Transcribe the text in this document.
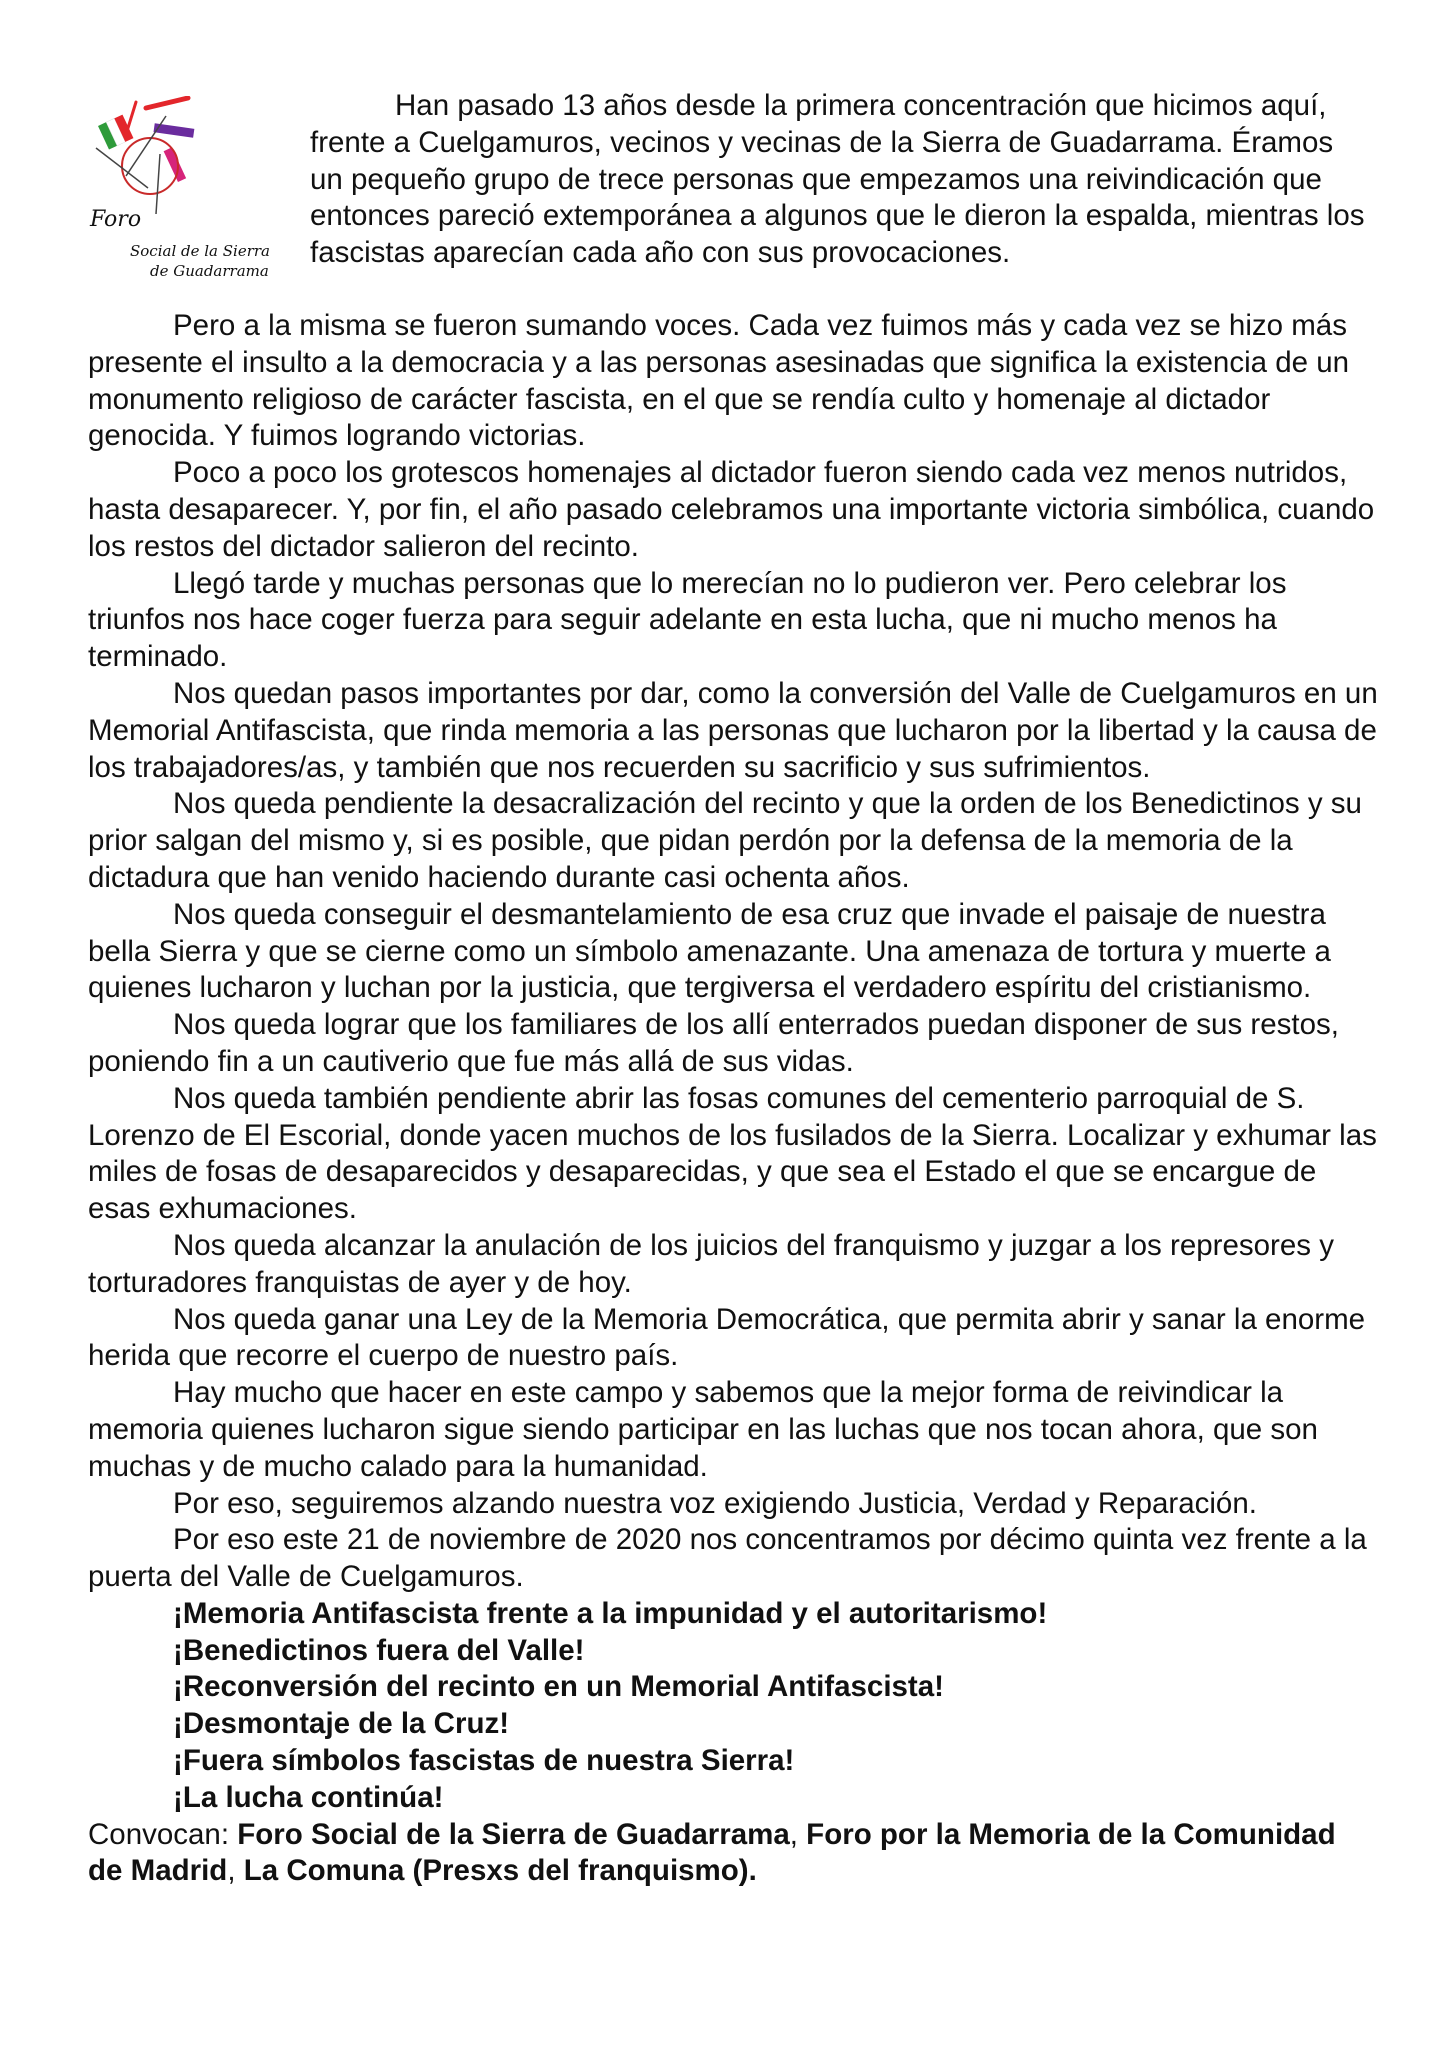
Foro
Social de la Sierra
de Guadarrama

Han pasado 13 años desde la primera concentración que hicimos aquí, frente a Cuelgamuros, vecinos y vecinas de la Sierra de Guadarrama. Éramos un pequeño grupo de trece personas que empezamos una reivindicación que entonces pareció extemporánea a algunos que le dieron la espalda, mientras los fascistas aparecían cada año con sus provocaciones.

Pero a la misma se fueron sumando voces. Cada vez fuimos más y cada vez se hizo más presente el insulto a la democracia y a las personas asesinadas que significa la existencia de un monumento religioso de carácter fascista, en el que se rendía culto y homenaje al dictador genocida. Y fuimos logrando victorias.

Poco a poco los grotescos homenajes al dictador fueron siendo cada vez menos nutridos, hasta desaparecer. Y, por fin, el año pasado celebramos una importante victoria simbólica, cuando los restos del dictador salieron del recinto.

Llegó tarde y muchas personas que lo merecían no lo pudieron ver. Pero celebrar los triunfos nos hace coger fuerza para seguir adelante en esta lucha, que ni mucho menos ha terminado.

Nos quedan pasos importantes por dar, como la conversión del Valle de Cuelgamuros en un Memorial Antifascista, que rinda memoria a las personas que lucharon por la libertad y la causa de los trabajadores/as, y también que nos recuerden su sacrificio y sus sufrimientos.

Nos queda pendiente la desacralización del recinto y que la orden de los Benedictinos y su prior salgan del mismo y, si es posible, que pidan perdón por la defensa de la memoria de la dictadura que han venido haciendo durante casi ochenta años.

Nos queda conseguir el desmantelamiento de esa cruz que invade el paisaje de nuestra bella Sierra y que se cierne como un símbolo amenazante. Una amenaza de tortura y muerte a quienes lucharon y luchan por la justicia, que tergiversa el verdadero espíritu del cristianismo.

Nos queda lograr que los familiares de los allí enterrados puedan disponer de sus restos, poniendo fin a un cautiverio que fue más allá de sus vidas.

Nos queda también pendiente abrir las fosas comunes del cementerio parroquial de S. Lorenzo de El Escorial, donde yacen muchos de los fusilados de la Sierra. Localizar y exhumar las miles de fosas de desaparecidos y desaparecidas, y que sea el Estado el que se encargue de esas exhumaciones.

Nos queda alcanzar la anulación de los juicios del franquismo y juzgar a los represores y torturadores franquistas de ayer y de hoy.

Nos queda ganar una Ley de la Memoria Democrática, que permita abrir y sanar la enorme herida que recorre el cuerpo de nuestro país.

Hay mucho que hacer en este campo y sabemos que la mejor forma de reivindicar la memoria quienes lucharon sigue siendo participar en las luchas que nos tocan ahora, que son muchas y de mucho calado para la humanidad.

Por eso, seguiremos alzando nuestra voz exigiendo Justicia, Verdad y Reparación.

Por eso este 21 de noviembre de 2020 nos concentramos por décimo quinta vez frente a la puerta del Valle de Cuelgamuros.

¡Memoria Antifascista frente a la impunidad y el autoritarismo!

¡Benedictinos fuera del Valle!

¡Reconversión del recinto en un Memorial Antifascista!

¡Desmontaje de la Cruz!

¡Fuera símbolos fascistas de nuestra Sierra!

¡La lucha continúa!

Convocan: Foro Social de la Sierra de Guadarrama, Foro por la Memoria de la Comunidad de Madrid, La Comuna (Presxs del franquismo).
